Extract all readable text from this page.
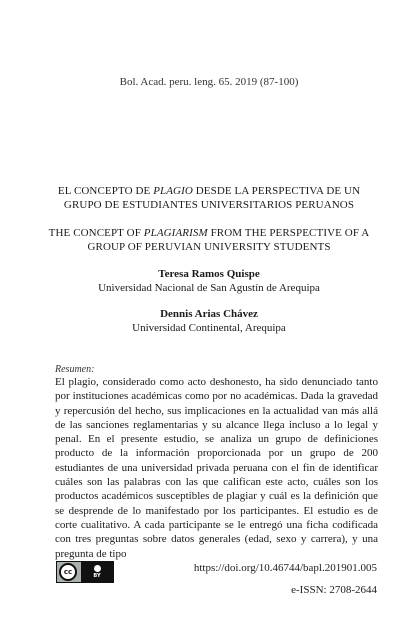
Bol. Acad. peru. leng. 65. 2019 (87-100)
EL CONCEPTO DE PLAGIO DESDE LA PERSPECTIVA DE UN GRUPO DE ESTUDIANTES UNIVERSITARIOS PERUANOS
THE CONCEPT OF PLAGIARISM FROM THE PERSPECTIVE OF A GROUP OF PERUVIAN UNIVERSITY STUDENTS
Teresa Ramos Quispe
Universidad Nacional de San Agustín de Arequipa
Dennis Arias Chávez
Universidad Continental, Arequipa
Resumen:
El plagio, considerado como acto deshonesto, ha sido denunciado tanto por instituciones académicas como por no académicas. Dada la gravedad y repercusión del hecho, sus implicaciones en la actualidad van más allá de las sanciones reglamentarias y su alcance llega incluso a lo legal y penal. En el presente estudio, se analiza un grupo de definiciones producto de la información proporcionada por un grupo de 200 estudiantes de una universidad privada peruana con el fin de identificar cuáles son las palabras con las que califican este acto, cuáles son los productos académicos susceptibles de plagiar y cuál es la definición que se desprende de lo manifestado por los participantes. El estudio es de corte cualitativo. A cada participante se le entregó una ficha codificada con tres preguntas sobre datos generales (edad, sexo y carrera), y una pregunta de tipo
cc
BY
https://doi.org/10.46744/bapl.201901.005
e-ISSN: 2708-2644
